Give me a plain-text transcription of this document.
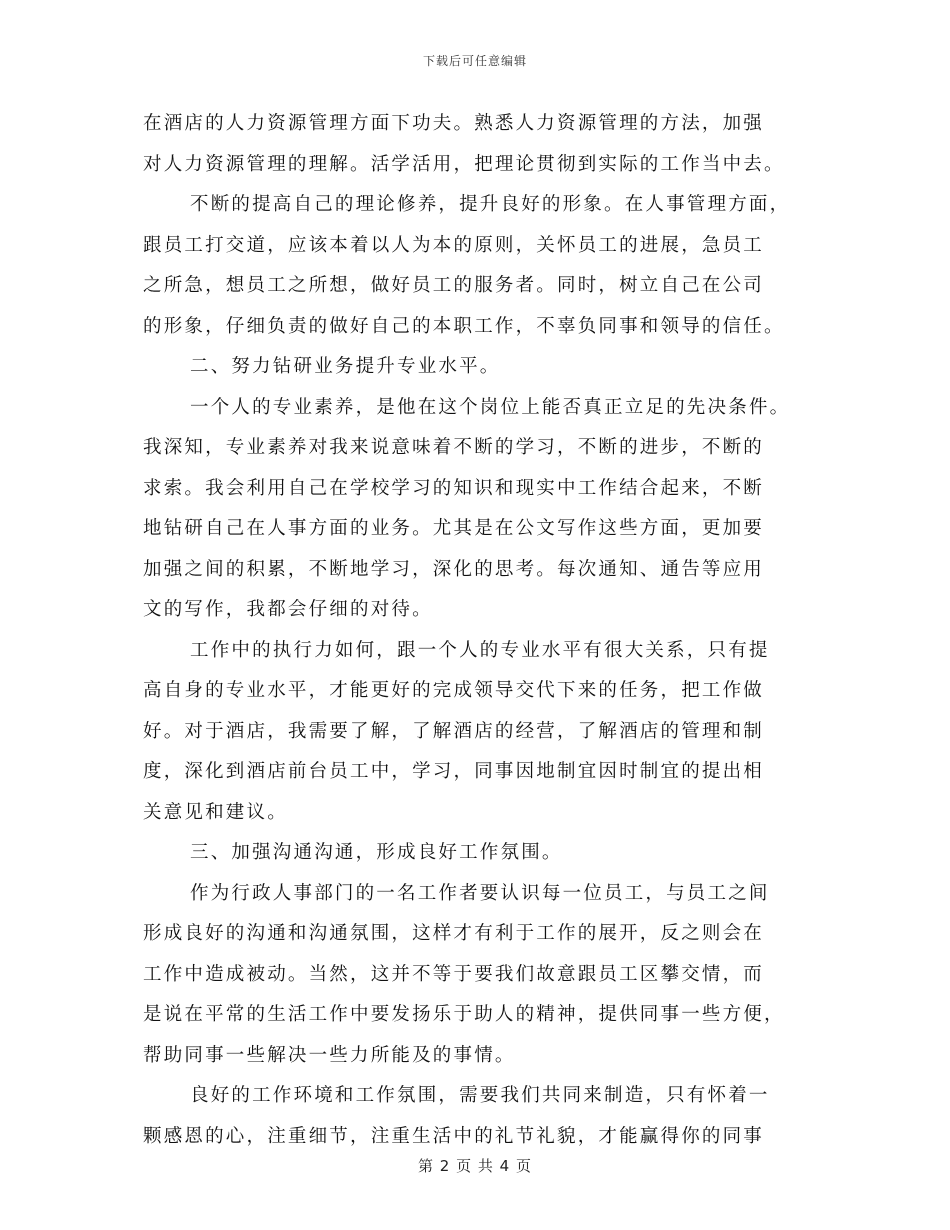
下载后可任意编辑
在酒店的人力资源管理方面下功夫。熟悉人力资源管理的方法，加强
对人力资源管理的理解。活学活用，把理论贯彻到实际的工作当中去。
不断的提高自己的理论修养，提升良好的形象。在人事管理方面，
跟员工打交道，应该本着以人为本的原则，关怀员工的进展，急员工
之所急，想员工之所想，做好员工的服务者。同时，树立自己在公司
的形象，仔细负责的做好自己的本职工作，不辜负同事和领导的信任。
二、努力钻研业务提升专业水平。
一个人的专业素养，是他在这个岗位上能否真正立足的先决条件。
我深知，专业素养对我来说意味着不断的学习，不断的进步，不断的
求索。我会利用自己在学校学习的知识和现实中工作结合起来，不断
地钻研自己在人事方面的业务。尤其是在公文写作这些方面，更加要
加强之间的积累，不断地学习，深化的思考。每次通知、通告等应用
文的写作，我都会仔细的对待。
工作中的执行力如何，跟一个人的专业水平有很大关系，只有提
高自身的专业水平，才能更好的完成领导交代下来的任务，把工作做
好。对于酒店，我需要了解，了解酒店的经营，了解酒店的管理和制
度，深化到酒店前台员工中，学习，同事因地制宜因时制宜的提出相
关意见和建议。
三、加强沟通沟通，形成良好工作氛围。
作为行政人事部门的一名工作者要认识每一位员工，与员工之间
形成良好的沟通和沟通氛围，这样才有利于工作的展开，反之则会在
工作中造成被动。当然，这并不等于要我们故意跟员工区攀交情，而
是说在平常的生活工作中要发扬乐于助人的精神，提供同事一些方便，
帮助同事一些解决一些力所能及的事情。
良好的工作环境和工作氛围，需要我们共同来制造，只有怀着一
颗感恩的心，注重细节，注重生活中的礼节礼貌，才能赢得你的同事
第 2 页 共 4 页
